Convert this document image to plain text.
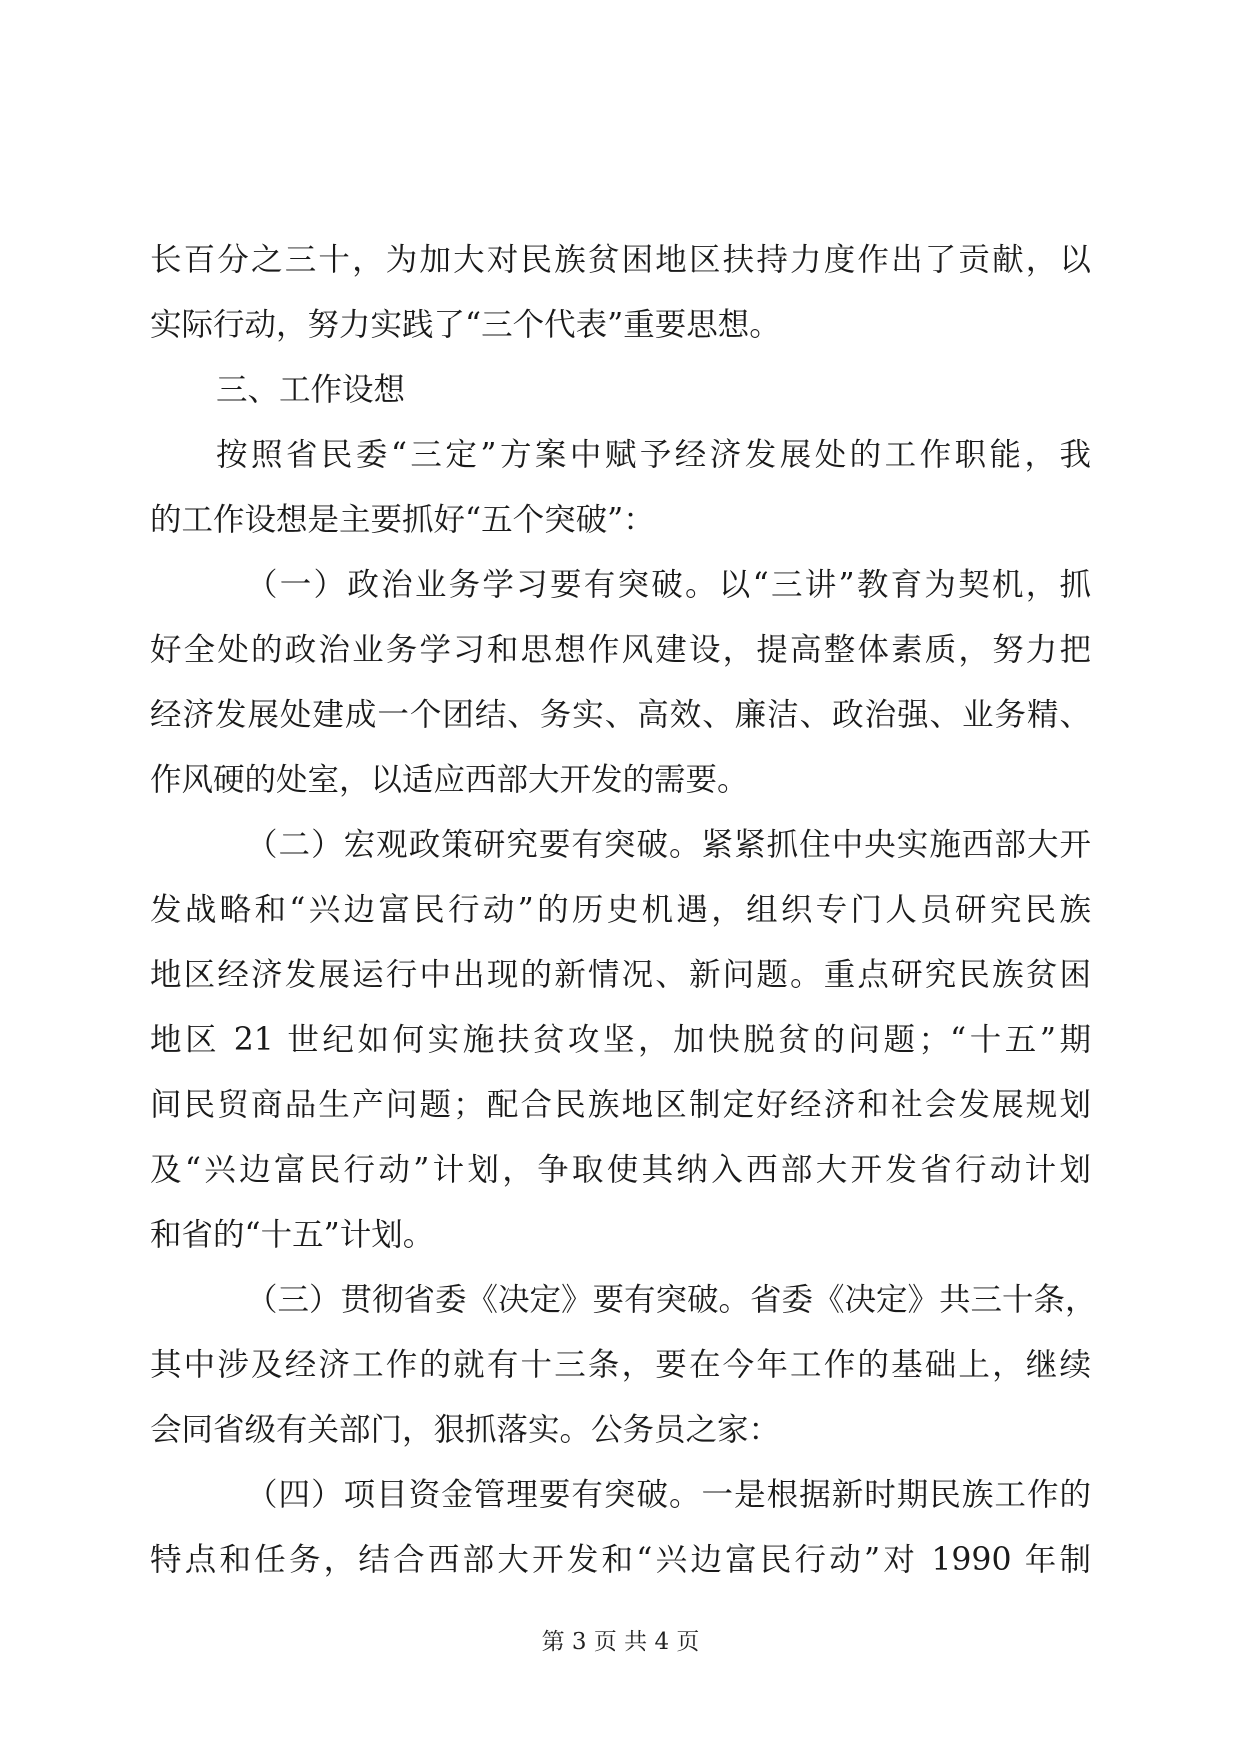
长百分之三十，为加大对民族贫困地区扶持力度作出了贡献，以
实际行动，努力实践了“三个代表”重要思想。
三、工作设想
按照省民委“三定”方案中赋予经济发展处的工作职能，我
的工作设想是主要抓好“五个突破”：
（一）政治业务学习要有突破。以“三讲”教育为契机，抓
好全处的政治业务学习和思想作风建设，提高整体素质，努力把
经济发展处建成一个团结、务实、高效、廉洁、政治强、业务精、
作风硬的处室，以适应西部大开发的需要。
（二）宏观政策研究要有突破。紧紧抓住中央实施西部大开
发战略和“兴边富民行动”的历史机遇，组织专门人员研究民族
地区经济发展运行中出现的新情况、新问题。重点研究民族贫困
地区 21 世纪如何实施扶贫攻坚，加快脱贫的问题；“十五”期
间民贸商品生产问题；配合民族地区制定好经济和社会发展规划
及“兴边富民行动”计划，争取使其纳入西部大开发省行动计划
和省的“十五”计划。
（三）贯彻省委《决定》要有突破。省委《决定》共三十条，
其中涉及经济工作的就有十三条，要在今年工作的基础上，继续
会同省级有关部门，狠抓落实。公务员之家：
（四）项目资金管理要有突破。一是根据新时期民族工作的
特点和任务，结合西部大开发和“兴边富民行动”对 1990 年制
第 3 页 共 4 页
